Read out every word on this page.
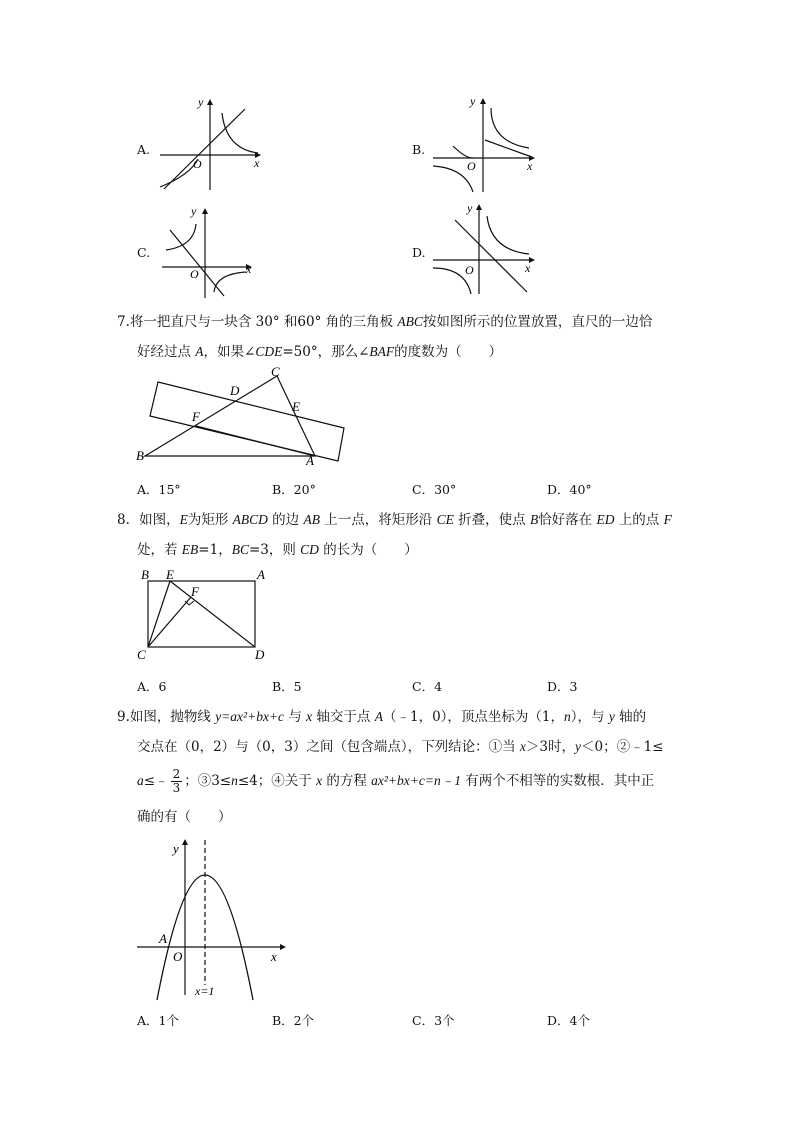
A.
y
x
O
B.
y
x
O
C.
y
x
O
D.
y
x
O
7.将一把直尺与一块含 30° 和60° 角的三角板 ABC按如图所示的位置放置，直尺的一边恰
好经过点 A，如果∠CDE=50°，那么∠BAF的度数为（　　）
B	A
C
D
E
F
A．15°	B．20°	C．30°	D．40°
8．如图，E为矩形 ABCD 的边 AB 上一点，将矩形沿 CE 折叠，使点 B恰好落在 ED 上的点 F
处，若 EB=1，BC=3，则 CD 的长为（　　）
B E	A
F
C	D
A．6	B．5	C．4	D．3
9.如图，抛物线 y=ax²+bx+c 与 x 轴交于点 A（﹣1，0），顶点坐标为（1，n），与 y 轴的
交点在（0，2）与（0，3）之间（包含端点），下列结论：①当 x＞3时，y＜0；②﹣1≤
a≤﹣ $\frac{2}{3}$ ；③3≤n≤4；④关于 x 的方程 ax²+bx+c=n﹣1 有两个不相等的实数根．其中正
确的有（　　）
y
A
O	x
x=1
A．1个	B．2个	C．3个	D．4个
